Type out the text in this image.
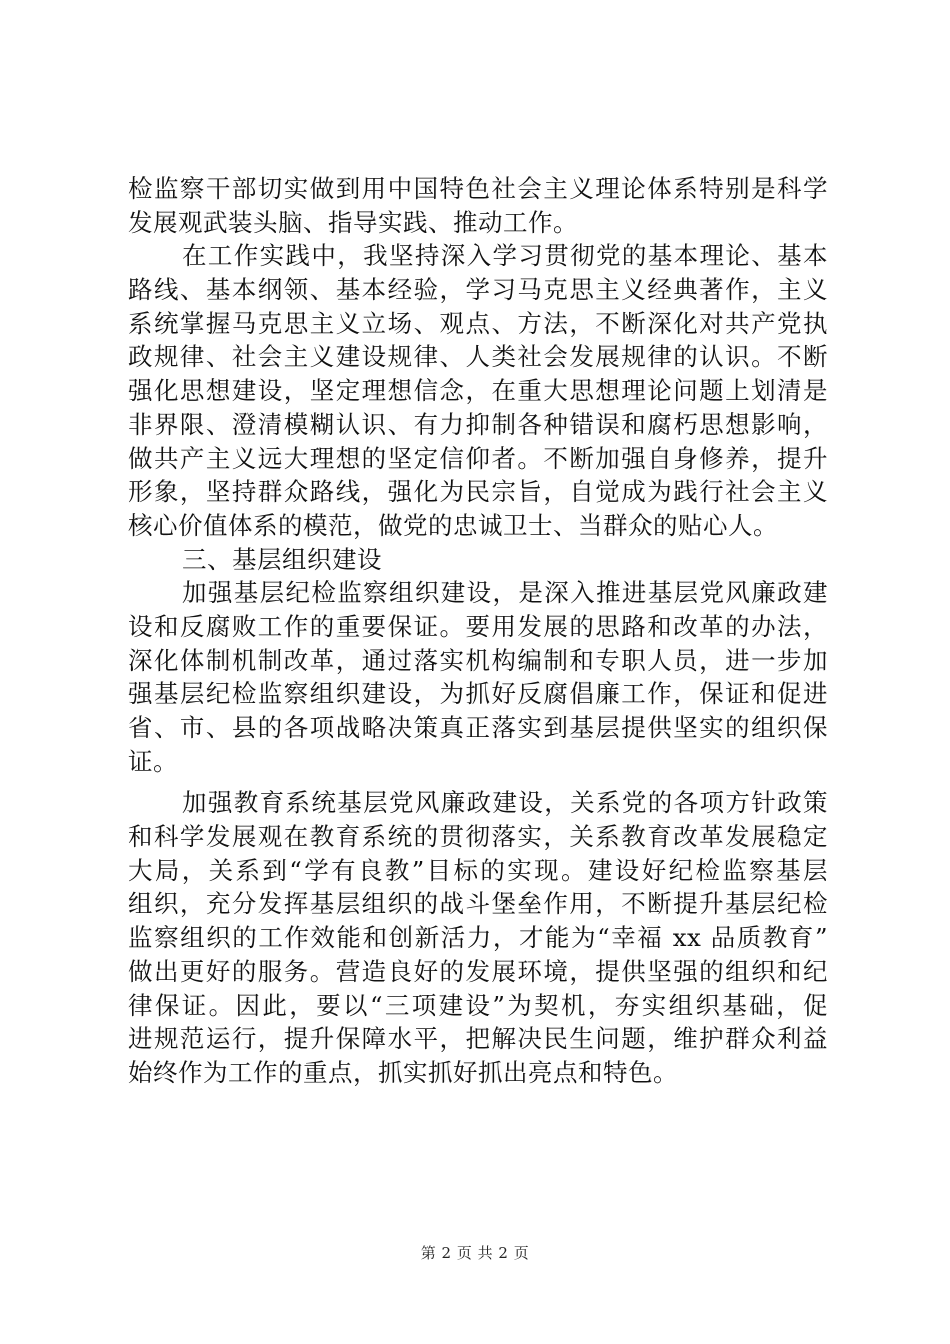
检监察干部切实做到用中国特色社会主义理论体系特别是科学
发展观武装头脑、指导实践、推动工作。
在工作实践中，我坚持深入学习贯彻党的基本理论、基本
路线、基本纲领、基本经验，学习马克思主义经典著作，主义
系统掌握马克思主义立场、观点、方法，不断深化对共产党执
政规律、社会主义建设规律、人类社会发展规律的认识。不断
强化思想建设，坚定理想信念，在重大思想理论问题上划清是
非界限、澄清模糊认识、有力抑制各种错误和腐朽思想影响，
做共产主义远大理想的坚定信仰者。不断加强自身修养，提升
形象，坚持群众路线，强化为民宗旨，自觉成为践行社会主义
核心价值体系的模范，做党的忠诚卫士、当群众的贴心人。
三、基层组织建设
加强基层纪检监察组织建设，是深入推进基层党风廉政建
设和反腐败工作的重要保证。要用发展的思路和改革的办法，
深化体制机制改革，通过落实机构编制和专职人员，进一步加
强基层纪检监察组织建设，为抓好反腐倡廉工作，保证和促进
省、市、县的各项战略决策真正落实到基层提供坚实的组织保
证。
加强教育系统基层党风廉政建设，关系党的各项方针政策
和科学发展观在教育系统的贯彻落实，关系教育改革发展稳定
大局，关系到“学有良教”目标的实现。建设好纪检监察基层
组织，充分发挥基层组织的战斗堡垒作用，不断提升基层纪检
监察组织的工作效能和创新活力，才能为“幸福 xx 品质教育”
做出更好的服务。营造良好的发展环境，提供坚强的组织和纪
律保证。因此，要以“三项建设”为契机，夯实组织基础，促
进规范运行，提升保障水平，把解决民生问题，维护群众利益
始终作为工作的重点，抓实抓好抓出亮点和特色。
第 2 页 共 2 页
